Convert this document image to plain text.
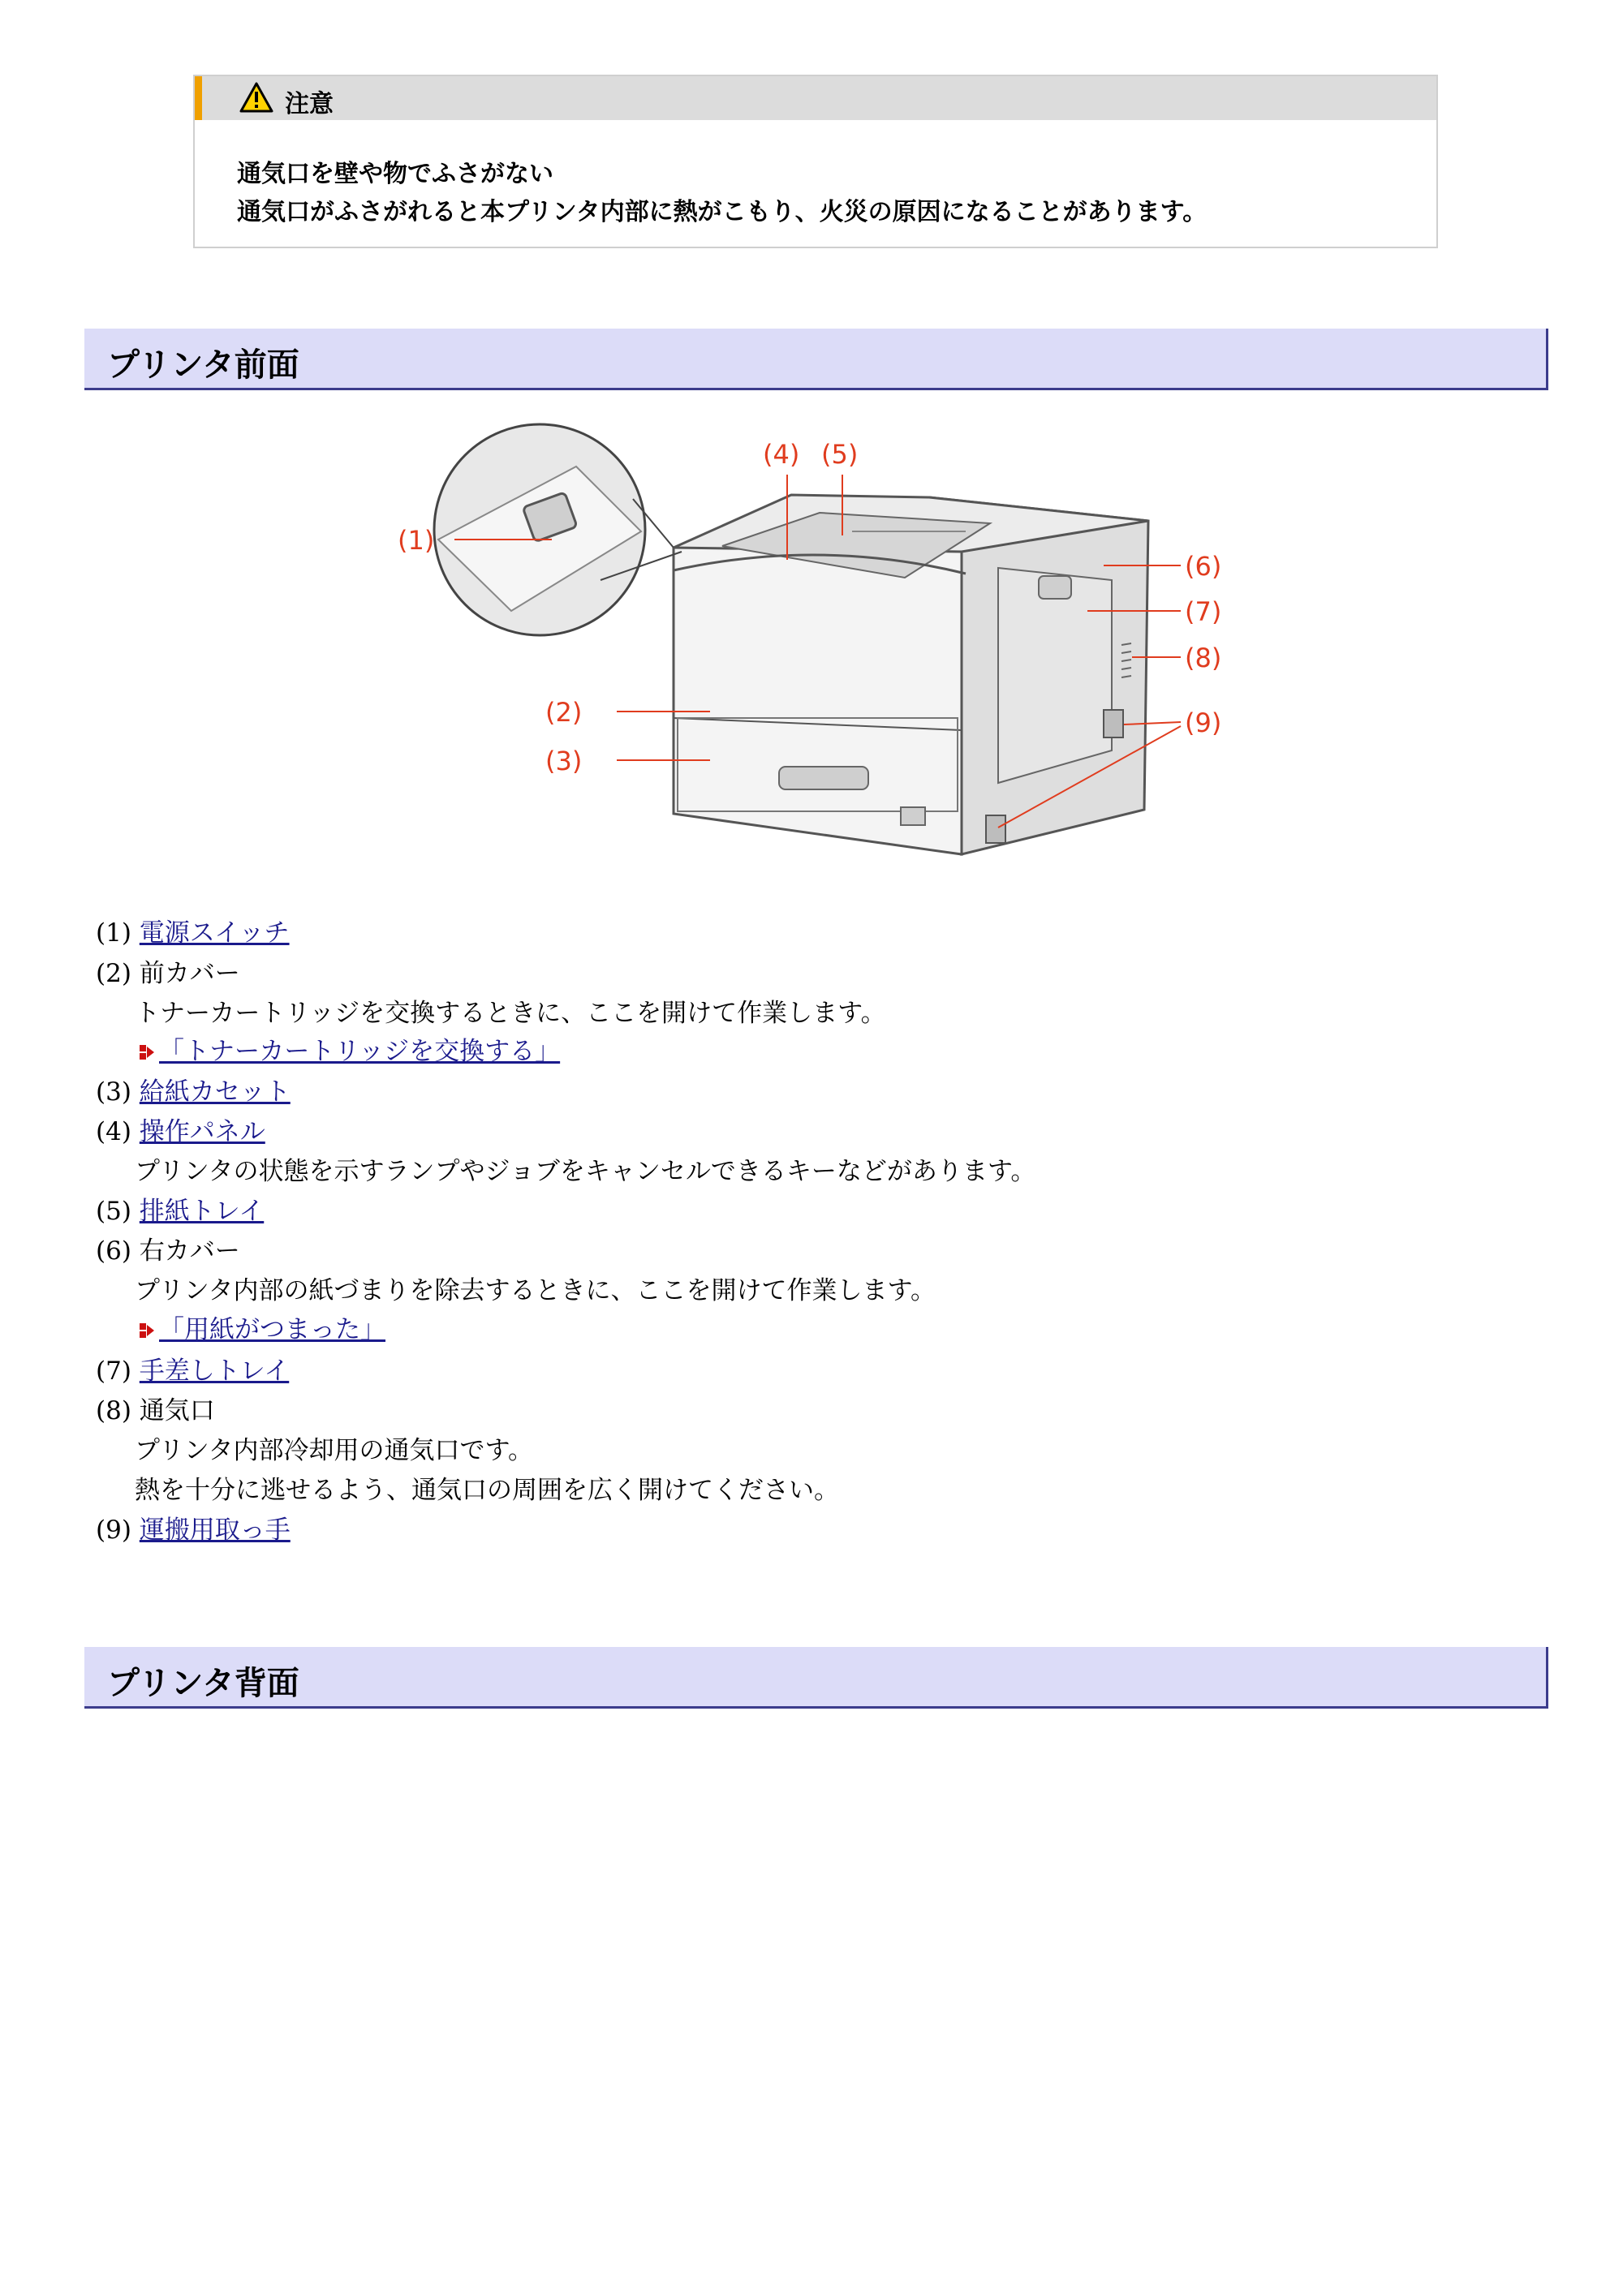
注意
通気口を壁や物でふさがない
通気口がふさがれると本プリンタ内部に熱がこもり、火災の原因になることがあります。
プリンタ前面
(1)
(2)
(3)
(4) (5)
(6)
(7)
(8)
(9)
(1) 電源スイッチ
(2) 前カバー
トナーカートリッジを交換するときに、ここを開けて作業します。
「トナーカートリッジを交換する」
(3) 給紙カセット
(4) 操作パネル
プリンタの状態を示すランプやジョブをキャンセルできるキーなどがあります。
(5) 排紙トレイ
(6) 右カバー
プリンタ内部の紙づまりを除去するときに、ここを開けて作業します。
「用紙がつまった」
(7) 手差しトレイ
(8) 通気口
プリンタ内部冷却用の通気口です。
熱を十分に逃せるよう、通気口の周囲を広く開けてください。
(9) 運搬用取っ手
プリンタ背面
